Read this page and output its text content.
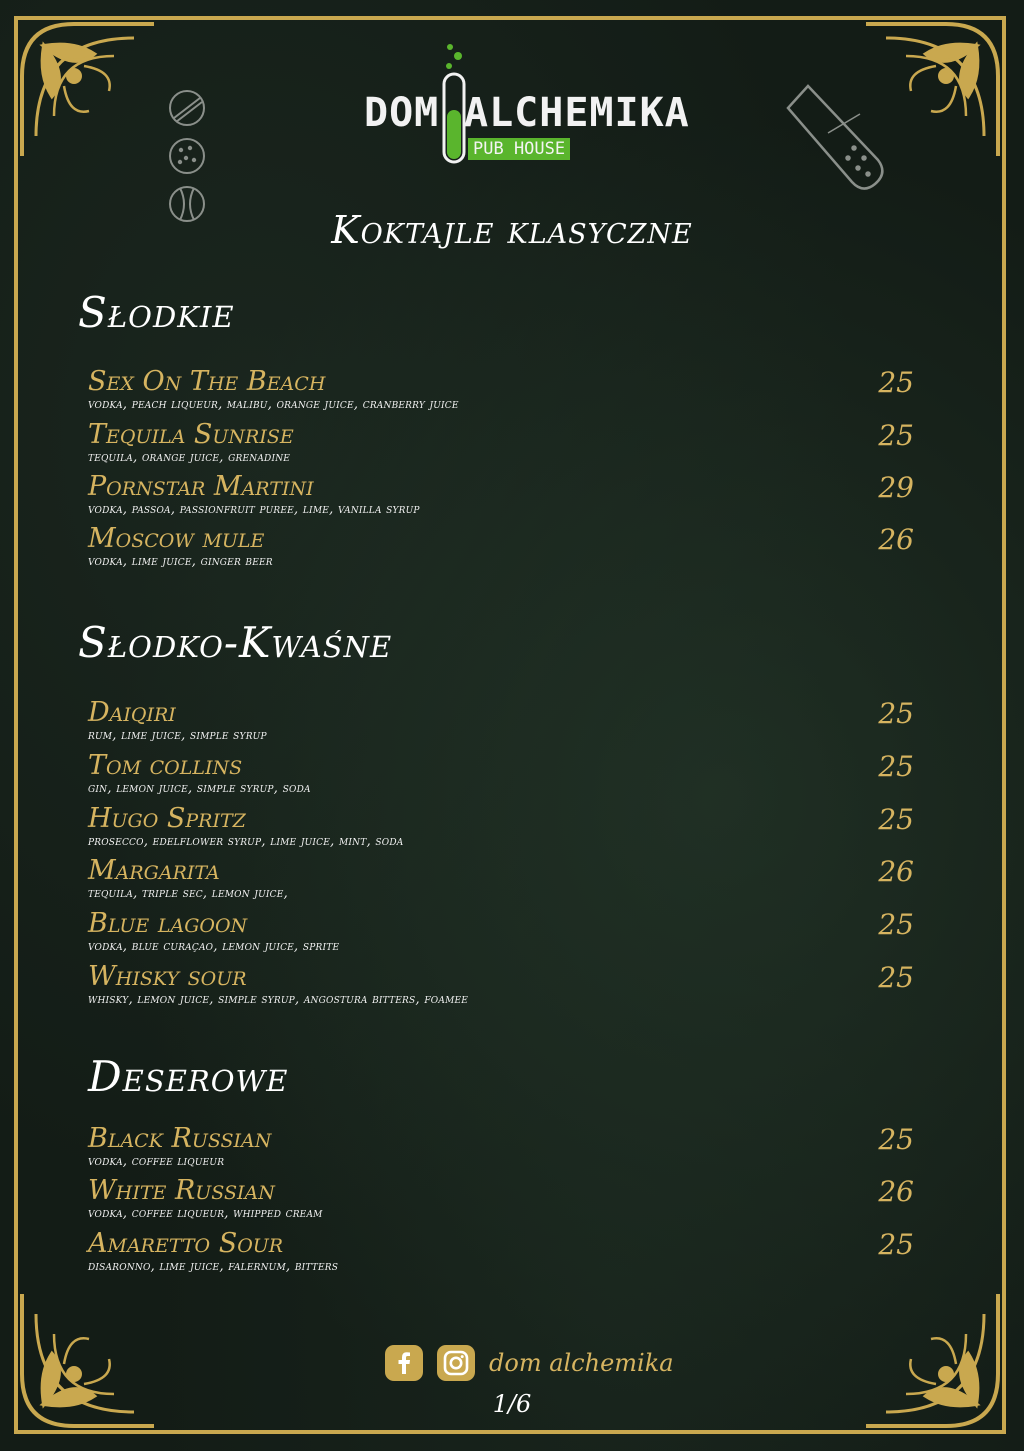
DOM ALCHEMIKA
PUB HOUSE
Koktajle klasyczne
Słodkie
Sex On The Beach
vodka, peach liqueur, malibu, orange juice, cranberry juice
25
Tequila Sunrise
tequila, orange juice, grenadine
25
Pornstar Martini
vodka, passoa, passionfruit puree, lime, vanilla syrup
29
Moscow mule
vodka, lime juice, ginger beer
26
Słodko-Kwaśne
Daiqiri
rum, lime juice, simple syrup
25
Tom collins
gin, lemon juice, simple syrup, soda
25
Hugo Spritz
prosecco, edelflower syrup, lime juice, mint, soda
25
Margarita
tequila, triple sec, lemon juice,
26
Blue lagoon
vodka, blue curaçao, lemon juice, sprite
25
Whisky sour
whisky, lemon juice, simple syrup, angostura bitters, foamee
25
Deserowe
Black Russian
vodka, coffee liqueur
25
White Russian
vodka, coffee liqueur, whipped cream
26
Amaretto Sour
disaronno, lime juice, falernum, bitters
25
dom alchemika
1/6
